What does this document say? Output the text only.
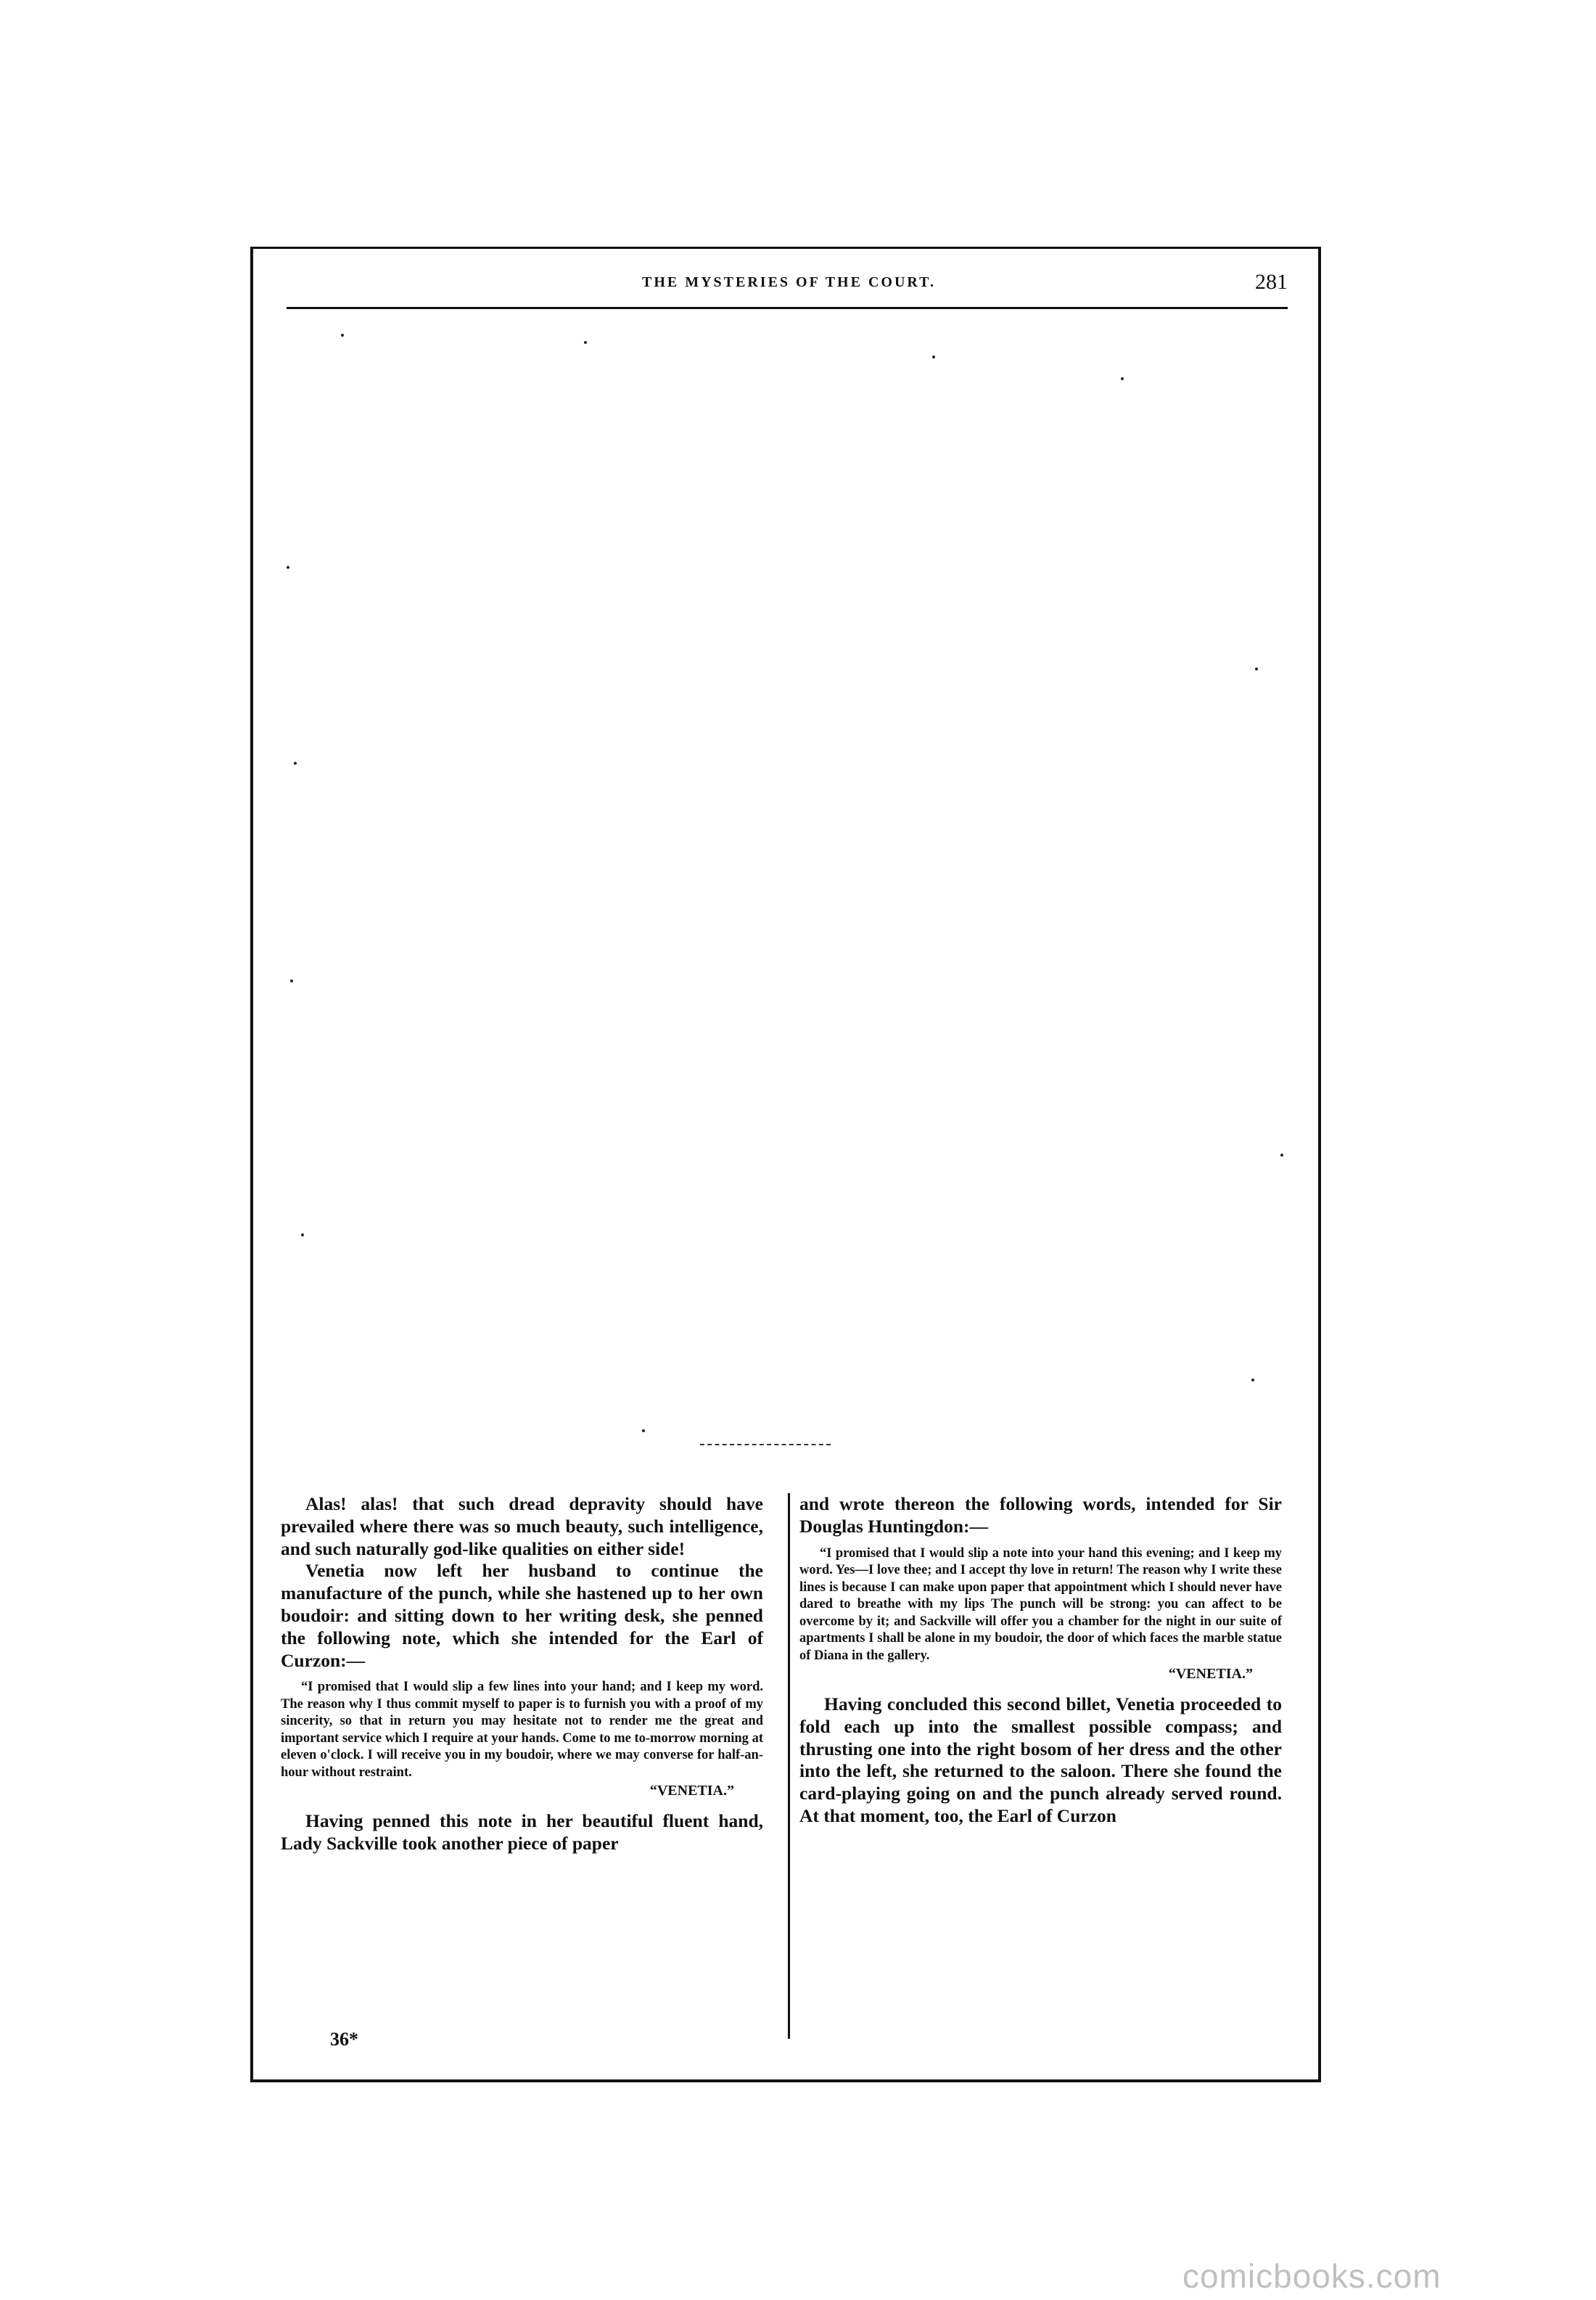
THE MYSTERIES OF THE COURT.	281

Alas! alas! that such dread depravity should have prevailed where there was so much beauty, such intelligence, and such naturally god-like qualities on either side!

Venetia now left her husband to continue the manufacture of the punch, while she hastened up to her own boudoir: and sitting down to her writing desk, she penned the following note, which she intended for the Earl of Curzon:—

“I promised that I would slip a few lines into your hand; and I keep my word. The reason why I thus commit myself to paper is to furnish you with a proof of my sincerity, so that in return you may hesitate not to render me the great and important service which I require at your hands. Come to me to-morrow morning at eleven o'clock. I will receive you in my boudoir, where we may converse for half-an-hour without restraint.

“VENETIA.”

Having penned this note in her beautiful fluent hand, Lady Sackville took another piece of paper

and wrote thereon the following words, intended for Sir Douglas Huntingdon:—

“I promised that I would slip a note into your hand this evening; and I keep my word. Yes—I love thee; and I accept thy love in return! The reason why I write these lines is because I can make upon paper that appointment which I should never have dared to breathe with my lips The punch will be strong: you can affect to be overcome by it; and Sackville will offer you a chamber for the night in our suite of apartments I shall be alone in my boudoir, the door of which faces the marble statue of Diana in the gallery.

“VENETIA.”

Having concluded this second billet, Venetia proceeded to fold each up into the smallest possible compass; and thrusting one into the right bosom of her dress and the other into the left, she returned to the saloon. There she found the card-playing going on and the punch already served round. At that moment, too, the Earl of Curzon

36*
comicbooks.com
